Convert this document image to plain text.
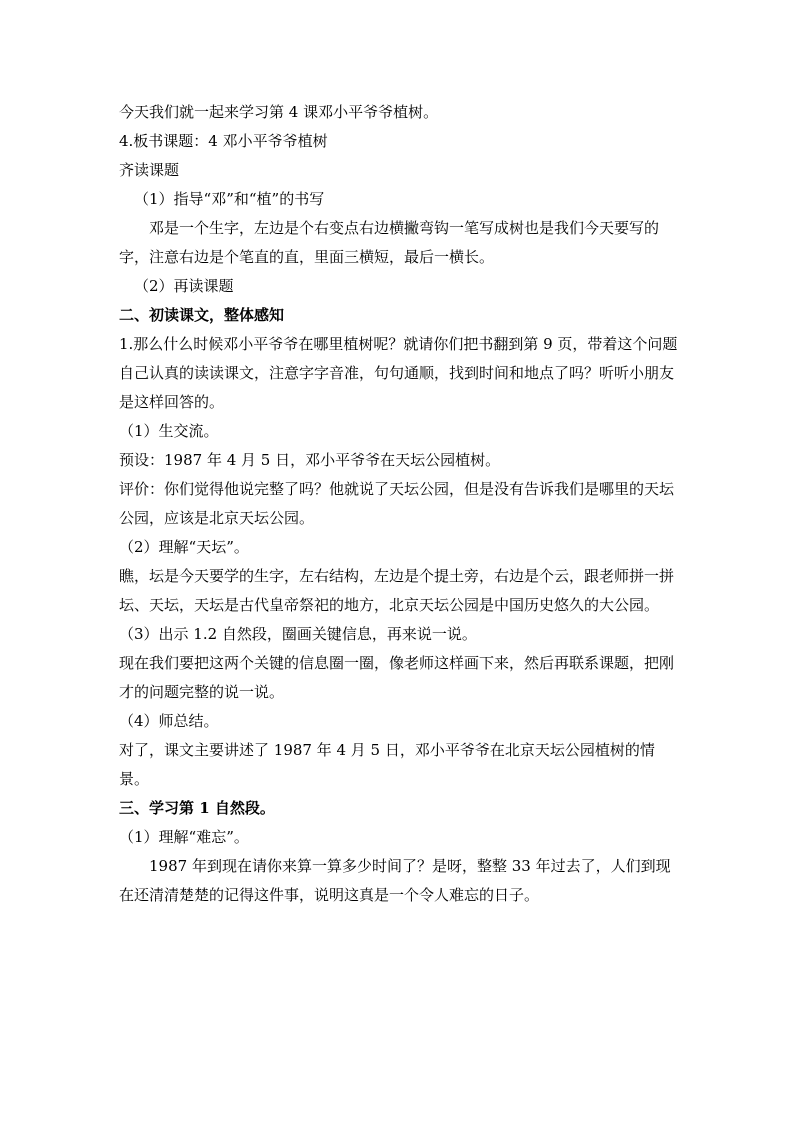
今天我们就一起来学习第 4 课邓小平爷爷植树。

4.板书课题：4 邓小平爷爷植树

齐读课题

（1）指导“邓”和“植”的书写

邓是一个生字，左边是个右变点右边横撇弯钩一笔写成树也是我们今天要写的字，注意右边是个笔直的直，里面三横短，最后一横长。

（2）再读课题

二、初读课文，整体感知

1.那么什么时候邓小平爷爷在哪里植树呢？就请你们把书翻到第 9 页，带着这个问题自己认真的读读课文，注意字字音准，句句通顺，找到时间和地点了吗？听听小朋友是这样回答的。

（1）生交流。

预设：1987 年 4 月 5 日，邓小平爷爷在天坛公园植树。

评价：你们觉得他说完整了吗？他就说了天坛公园，但是没有告诉我们是哪里的天坛公园，应该是北京天坛公园。

（2）理解“天坛”。

瞧，坛是今天要学的生字，左右结构，左边是个提土旁，右边是个云，跟老师拼一拼坛、天坛，天坛是古代皇帝祭祀的地方，北京天坛公园是中国历史悠久的大公园。

（3）出示 1.2 自然段，圈画关键信息，再来说一说。

现在我们要把这两个关键的信息圈一圈，像老师这样画下来，然后再联系课题，把刚才的问题完整的说一说。

（4）师总结。

对了，课文主要讲述了 1987 年 4 月 5 日，邓小平爷爷在北京天坛公园植树的情景。

三、学习第 1 自然段。

（1）理解“难忘”。

1987 年到现在请你来算一算多少时间了？是呀，整整 33 年过去了，人们到现在还清清楚楚的记得这件事，说明这真是一个令人难忘的日子。
